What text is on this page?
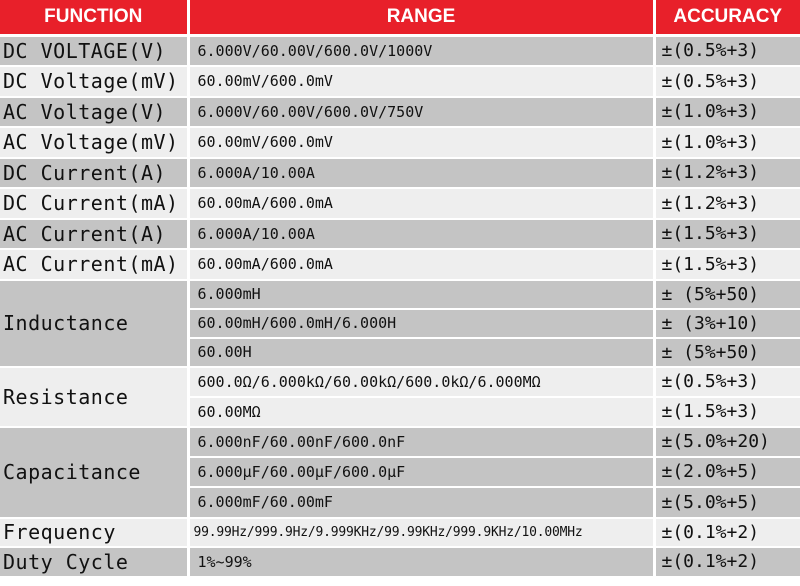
FUNCTION	RANGE	ACCURACY
DC VOLTAGE(V)	6.000V/60.00V/600.0V/1000V	±(0.5%+3)
DC Voltage(mV)	60.00mV/600.0mV	±(0.5%+3)
AC Voltage(V)	6.000V/60.00V/600.0V/750V	±(1.0%+3)
AC Voltage(mV)	60.00mV/600.0mV	±(1.0%+3)
DC Current(A)	6.000A/10.00A	±(1.2%+3)
DC Current(mA)	60.00mA/600.0mA	±(1.2%+3)
AC Current(A)	6.000A/10.00A	±(1.5%+3)
AC Current(mA)	60.00mA/600.0mA	±(1.5%+3)
Inductance	6.000mH	± (5%+50)
	60.00mH/600.0mH/6.000H	± (3%+10)
	60.00H	± (5%+50)
Resistance	600.0Ω/6.000kΩ/60.00kΩ/600.0kΩ/6.000MΩ	±(0.5%+3)
	60.00MΩ	±(1.5%+3)
Capacitance	6.000nF/60.00nF/600.0nF	±(5.0%+20)
	6.000μF/60.00μF/600.0μF	±(2.0%+5)
	6.000mF/60.00mF	±(5.0%+5)
Frequency	99.99Hz/999.9Hz/9.999KHz/99.99KHz/999.9KHz/10.00MHz	±(0.1%+2)
Duty Cycle	1%~99%	±(0.1%+2)
